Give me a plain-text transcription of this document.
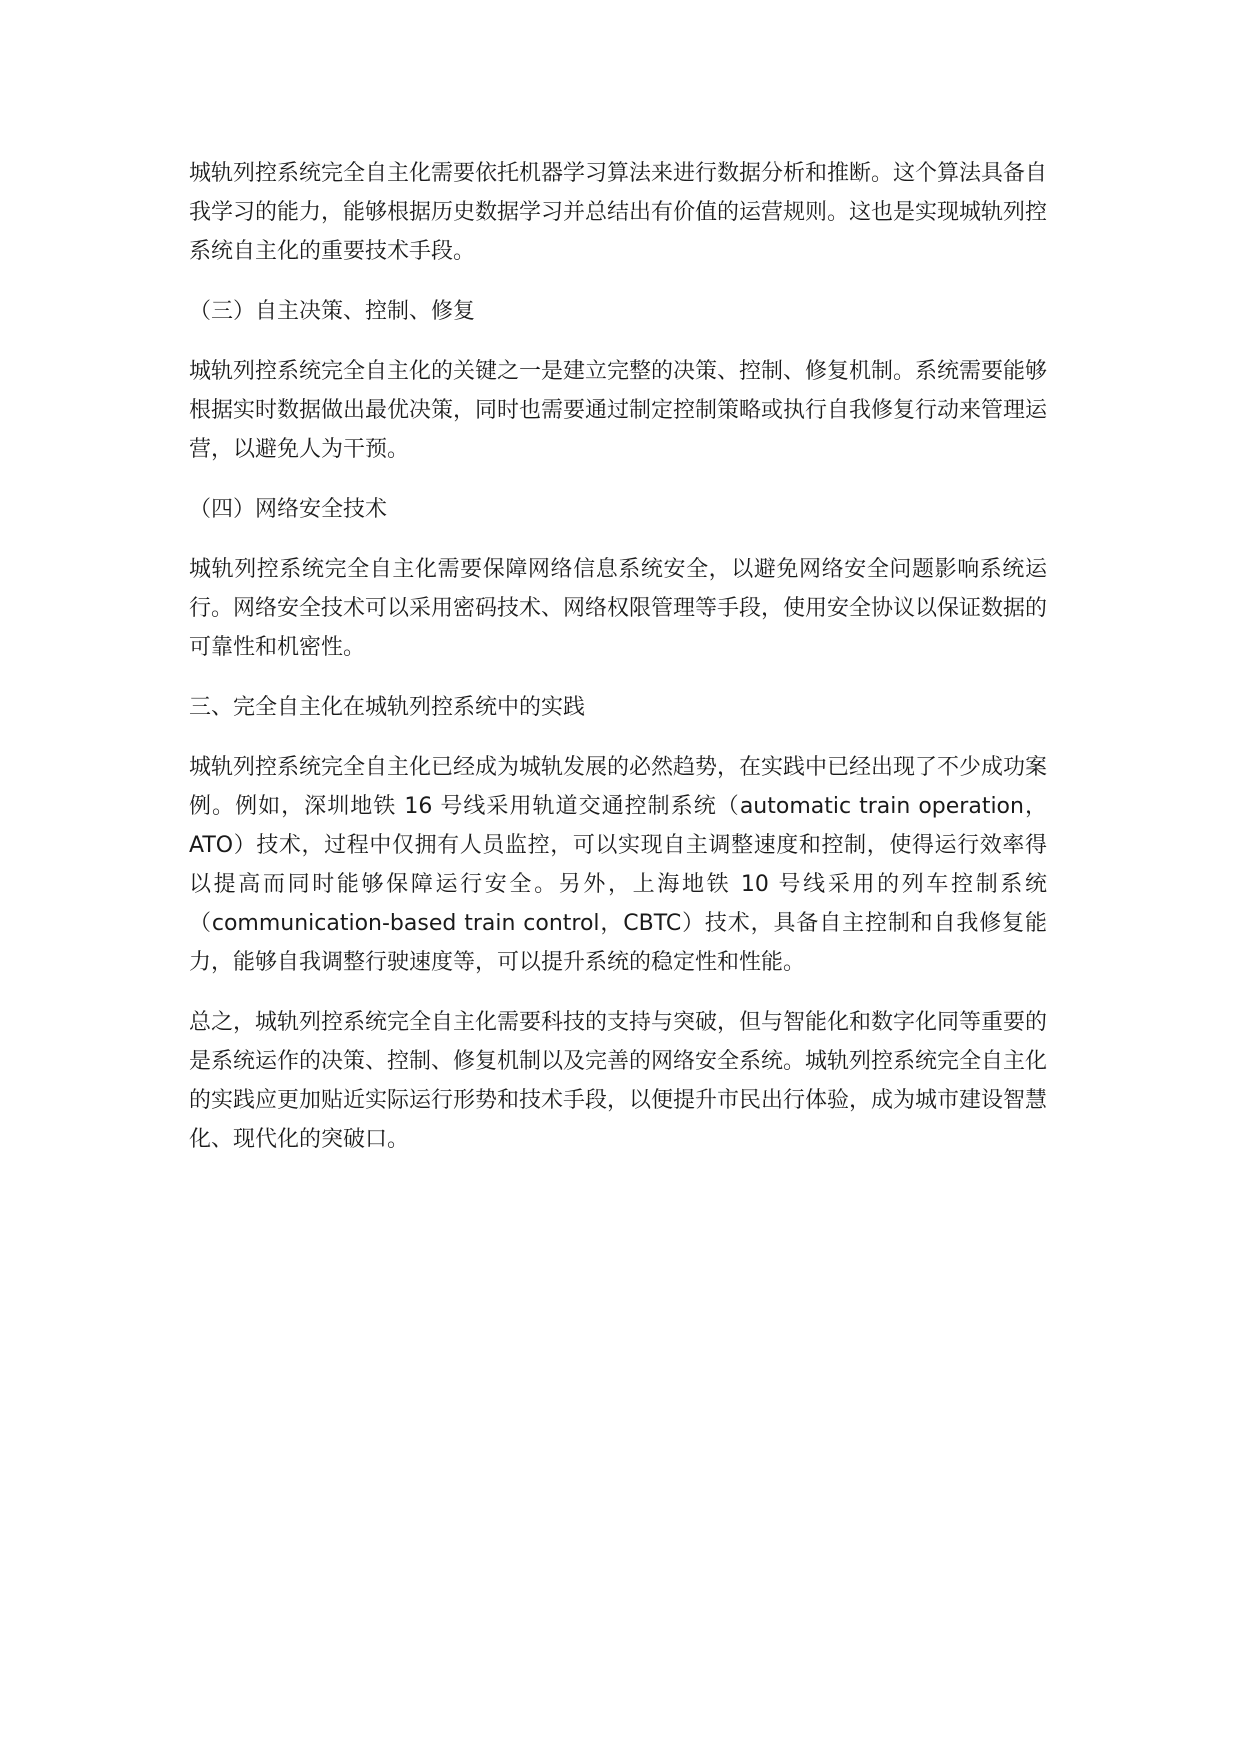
城轨列控系统完全自主化需要依托机器学习算法来进行数据分析和推断。这个算法具备自我学习的能力，能够根据历史数据学习并总结出有价值的运营规则。这也是实现城轨列控系统自主化的重要技术手段。

（三）自主决策、控制、修复

城轨列控系统完全自主化的关键之一是建立完整的决策、控制、修复机制。系统需要能够根据实时数据做出最优决策，同时也需要通过制定控制策略或执行自我修复行动来管理运营，以避免人为干预。

（四）网络安全技术

城轨列控系统完全自主化需要保障网络信息系统安全，以避免网络安全问题影响系统运行。网络安全技术可以采用密码技术、网络权限管理等手段，使用安全协议以保证数据的可靠性和机密性。

三、完全自主化在城轨列控系统中的实践

城轨列控系统完全自主化已经成为城轨发展的必然趋势，在实践中已经出现了不少成功案例。例如，深圳地铁 16 号线采用轨道交通控制系统（automatic train operation，ATO）技术，过程中仅拥有人员监控，可以实现自主调整速度和控制，使得运行效率得以提高而同时能够保障运行安全。另外，上海地铁 10 号线采用的列车控制系统（communication-based train control，CBTC）技术，具备自主控制和自我修复能力，能够自我调整行驶速度等，可以提升系统的稳定性和性能。

总之，城轨列控系统完全自主化需要科技的支持与突破，但与智能化和数字化同等重要的是系统运作的决策、控制、修复机制以及完善的网络安全系统。城轨列控系统完全自主化的实践应更加贴近实际运行形势和技术手段，以便提升市民出行体验，成为城市建设智慧化、现代化的突破口。
